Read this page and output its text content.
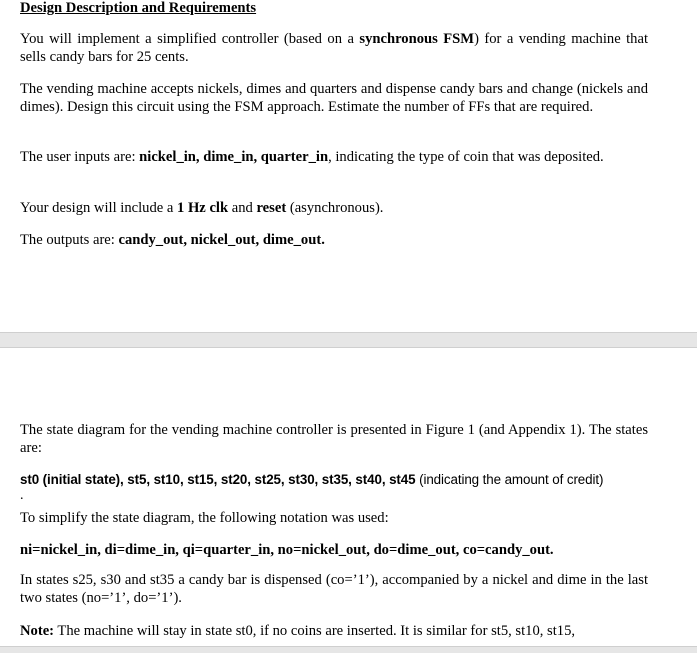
Design Description and Requirements

You will implement a simplified controller (based on a synchronous FSM) for a vending machine that sells candy bars for 25 cents.

The vending machine accepts nickels, dimes and quarters and dispense candy bars and change (nickels and dimes). Design this circuit using the FSM approach. Estimate the number of FFs that are required.

The user inputs are: nickel_in, dime_in, quarter_in, indicating the type of coin that was deposited.

Your design will include a 1 Hz clk and reset (asynchronous).

The outputs are: candy_out, nickel_out, dime_out.

The state diagram for the vending machine controller is presented in Figure 1 (and Appendix 1). The states are:

st0 (initial state), st5, st10, st15, st20, st25, st30, st35, st40, st45 (indicating the amount of credit)

.

To simplify the state diagram, the following notation was used:

ni=nickel_in, di=dime_in, qi=quarter_in, no=nickel_out, do=dime_out, co=candy_out.

In states s25, s30 and st35 a candy bar is dispensed (co=’1’), accompanied by a nickel and dime in the last two states (no=’1’, do=’1’).

Note: The machine will stay in state st0, if no coins are inserted. It is similar for st5, st10, st15,
